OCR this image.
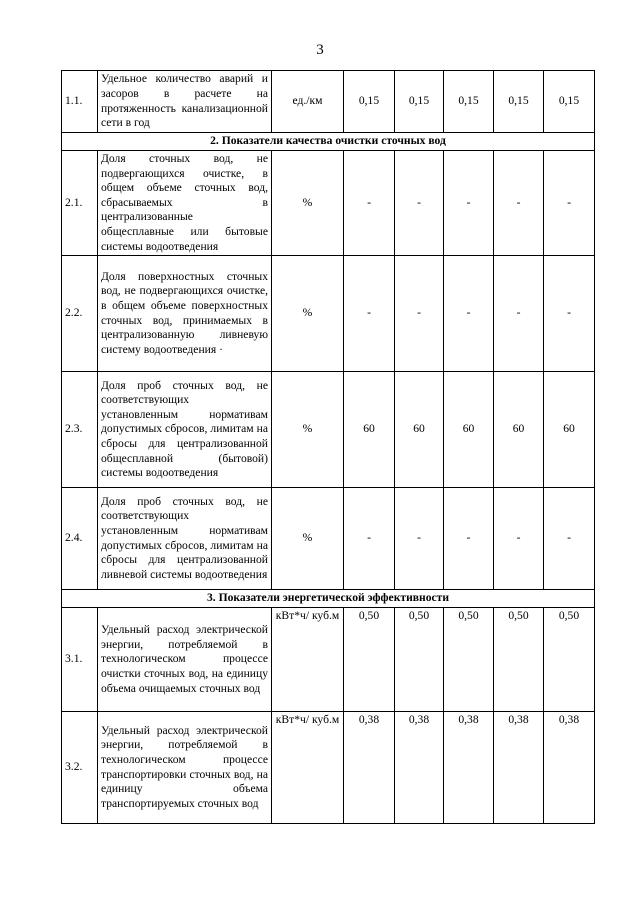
3
1.1.	Удельное количество аварий и засоров в расчете на протяженность канализационной сети в год	ед./км	0,15	0,15	0,15	0,15	0,15
2. Показатели качества очистки сточных вод							
2.1.	Доля сточных вод, не подвергающихся очистке, в общем объеме сточных вод, сбрасываемых в централизованные общесплавные или бытовые системы водоотведения	%	-	-	-	-	-
2.2.	Доля поверхностных сточных вод, не подвергающихся очистке, в общем объеме поверхностных сточных вод, принимаемых в централизованную ливневую систему водоотведения ·	%	-	-	-	-	-
2.3.	Доля проб сточных вод, не соответствующих установленным нормативам допустимых сбросов, лимитам на сбросы для централизованной общесплавной (бытовой) системы водоотведения	%	60	60	60	60	60
2.4.	Доля проб сточных вод, не соответствующих установленным нормативам допустимых сбросов, лимитам на сбросы для централизованной ливневой системы водоотведения	%	-	-	-	-	-
3. Показатели энергетической эффективности							
3.1.	Удельный расход электрической энергии, потребляемой в технологическом процессе очистки сточных вод, на единицу объема очищаемых сточных вод	кВт*ч/ куб.м	0,50	0,50	0,50	0,50	0,50
3.2.	Удельный расход электрической энергии, потребляемой в технологическом процессе транспортировки сточных вод, на единицу объема транспортируемых сточных вод	кВт*ч/ куб.м	0,38	0,38	0,38	0,38	0,38
